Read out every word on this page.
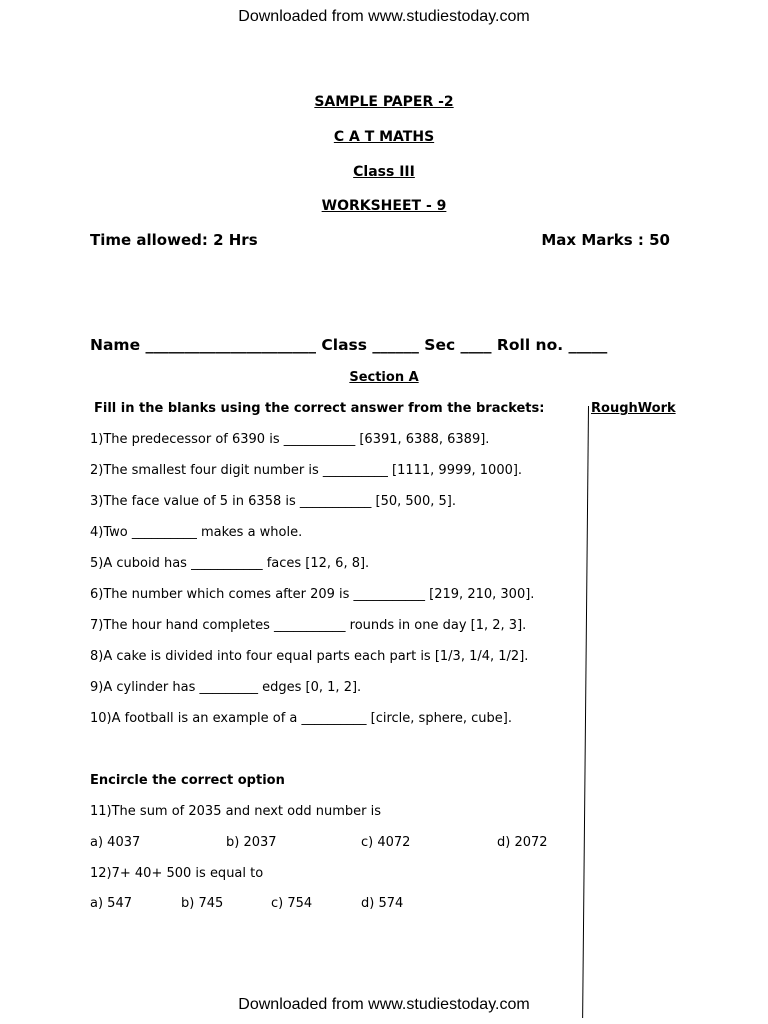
Downloaded from www.studiestoday.com
SAMPLE PAPER -2
C A T MATHS
Class III
WORKSHEET - 9
Time allowed: 2 Hrs	Max Marks : 50
Name ______________________ Class ______ Sec ____ Roll no. _____
Section A
Fill in the blanks using the correct answer from the brackets:	RoughWork
1)The predecessor of 6390 is ___________ [6391, 6388, 6389].
2)The smallest four digit number is __________ [1111, 9999, 1000].
3)The face value of 5 in 6358 is ___________ [50, 500, 5].
4)Two __________ makes a whole.
5)A cuboid has ___________ faces [12, 6, 8].
6)The number which comes after 209 is ___________ [219, 210, 300].
7)The hour hand completes ___________ rounds in one day [1, 2, 3].
8)A cake is divided into four equal parts each part is [1/3, 1/4, 1/2].
9)A cylinder has _________ edges [0, 1, 2].
10)A football is an example of a __________ [circle, sphere, cube].
Encircle the correct option
11)The sum of 2035 and next odd number is
a) 4037	b) 2037	c) 4072	d) 2072
12)7+ 40+ 500 is equal to
a) 547	b) 745	c) 754	d) 574
Downloaded from www.studiestoday.com
